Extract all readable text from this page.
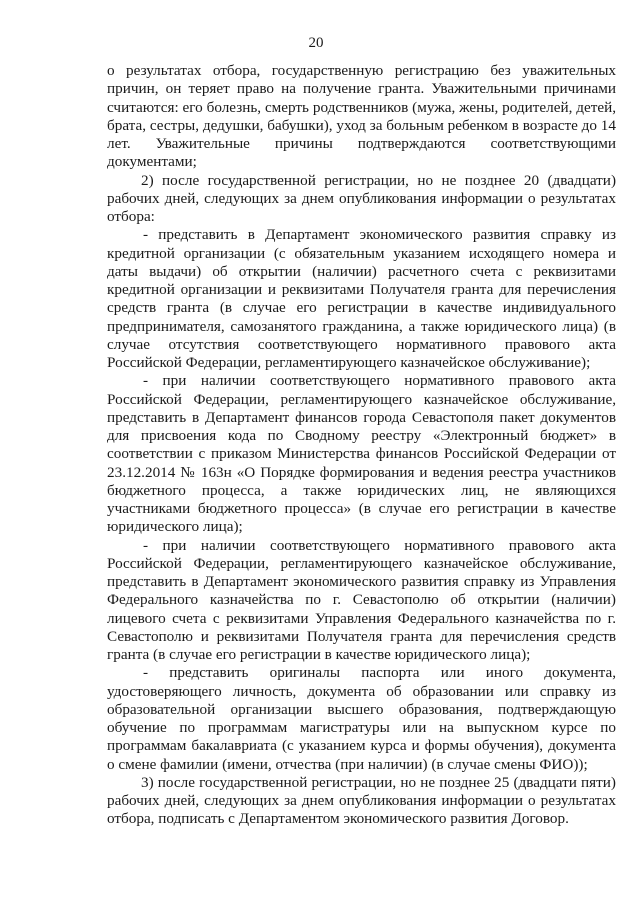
20

о результатах отбора, государственную регистрацию без уважительных причин, он теряет право на получение гранта. Уважительными причинами считаются: его болезнь, смерть родственников (мужа, жены, родителей, детей, брата, сестры, дедушки, бабушки), уход за больным ребенком в возрасте до 14 лет. Уважительные причины подтверждаются соответствующими документами;

2) после государственной регистрации, но не позднее 20 (двадцати) рабочих дней, следующих за днем опубликования информации о результатах отбора:

- представить в Департамент экономического развития справку из кредитной организации (с обязательным указанием исходящего номера и даты выдачи) об открытии (наличии) расчетного счета с реквизитами кредитной организации и реквизитами Получателя гранта для перечисления средств гранта (в случае его регистрации в качестве индивидуального предпринимателя, самозанятого гражданина, а также юридического лица) (в случае отсутствия соответствующего нормативного правового акта Российской Федерации, регламентирующего казначейское обслуживание);

- при наличии соответствующего нормативного правового акта Российской Федерации, регламентирующего казначейское обслуживание, представить в Департамент финансов города Севастополя пакет документов для присвоения кода по Сводному реестру «Электронный бюджет» в соответствии с приказом Министерства финансов Российской Федерации от 23.12.2014 № 163н «О Порядке формирования и ведения реестра участников бюджетного процесса, а также юридических лиц, не являющихся участниками бюджетного процесса» (в случае его регистрации в качестве юридического лица);

- при наличии соответствующего нормативного правового акта Российской Федерации, регламентирующего казначейское обслуживание, представить в Департамент экономического развития справку из Управления Федерального казначейства по г. Севастополю об открытии (наличии) лицевого счета с реквизитами Управления Федерального казначейства по г. Севастополю и реквизитами Получателя гранта для перечисления средств гранта (в случае его регистрации в качестве юридического лица);

- представить оригиналы паспорта или иного документа, удостоверяющего личность, документа об образовании или справку из образовательной организации высшего образования, подтверждающую обучение по программам магистратуры или на выпускном курсе по программам бакалавриата (с указанием курса и формы обучения), документа о смене фамилии (имени, отчества (при наличии) (в случае смены ФИО));

3) после государственной регистрации, но не позднее 25 (двадцати пяти) рабочих дней, следующих за днем опубликования информации о результатах отбора, подписать с Департаментом экономического развития Договор.
